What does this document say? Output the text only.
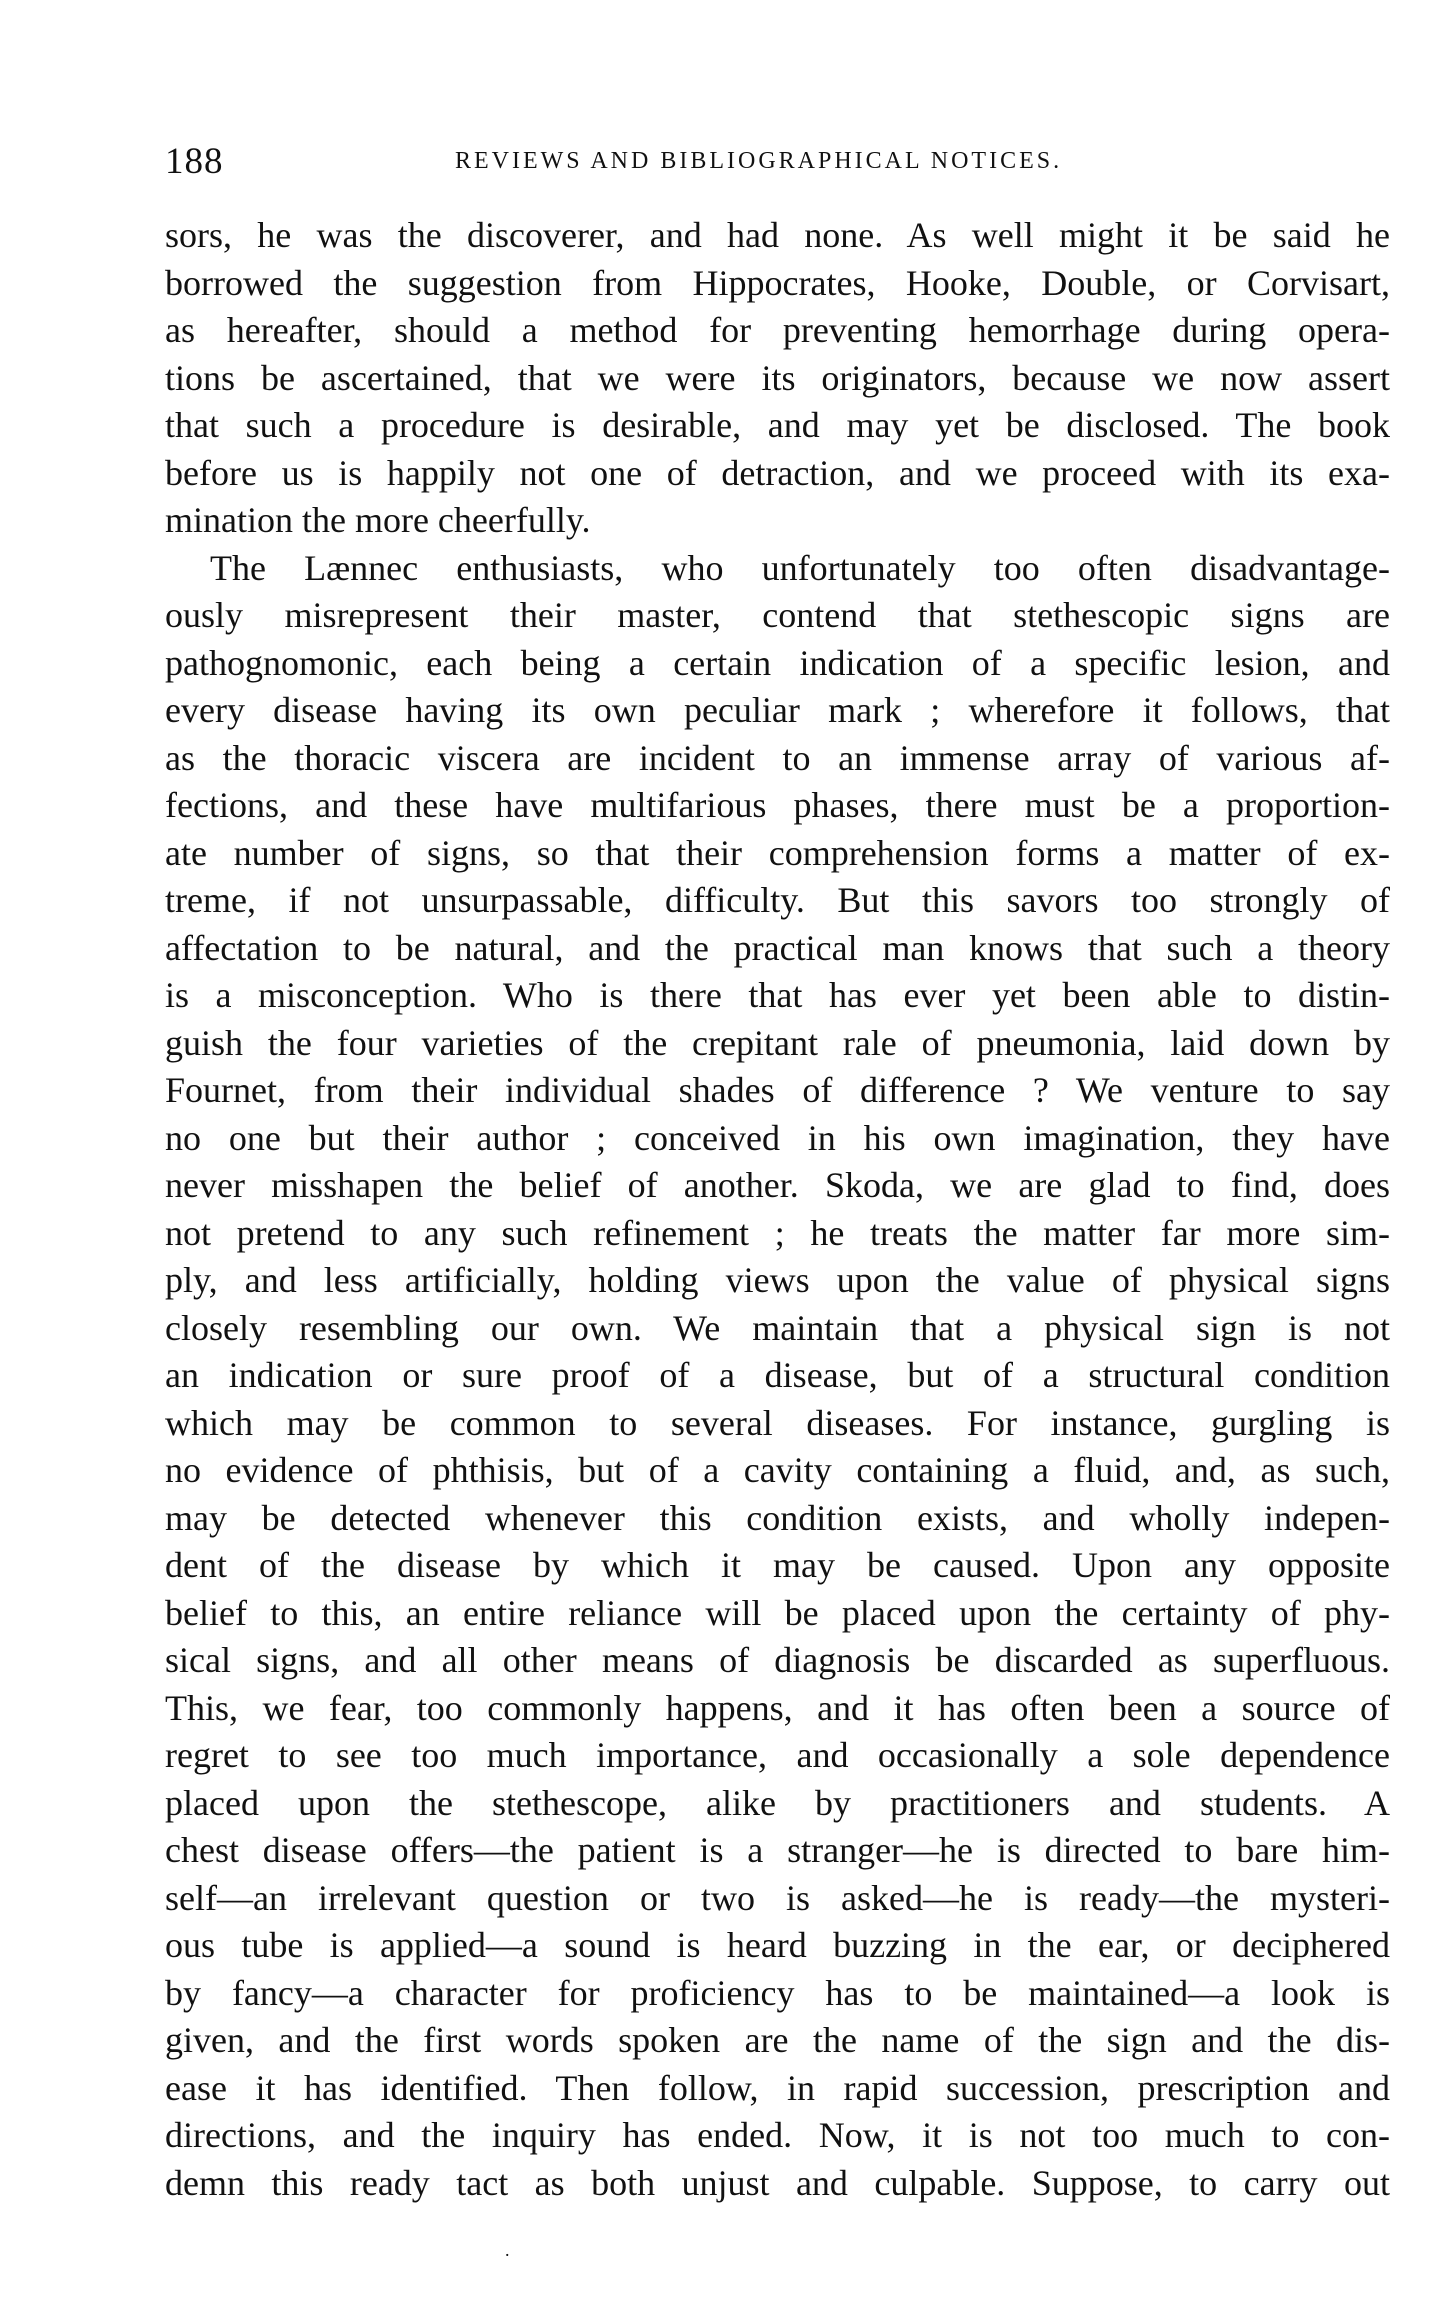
188	REVIEWS AND BIBLIOGRAPHICAL NOTICES.
sors, he was the discoverer, and had none. As well might it be said he
borrowed the suggestion from Hippocrates, Hooke, Double, or Corvisart,
as hereafter, should a method for preventing hemorrhage during opera-
tions be ascertained, that we were its originators, because we now assert
that such a procedure is desirable, and may yet be disclosed. The book
before us is happily not one of detraction, and we proceed with its exa-
mination the more cheerfully.
The Lænnec enthusiasts, who unfortunately too often disadvantage-
ously misrepresent their master, contend that stethescopic signs are
pathognomonic, each being a certain indication of a specific lesion, and
every disease having its own peculiar mark ; wherefore it follows, that
as the thoracic viscera are incident to an immense array of various af-
fections, and these have multifarious phases, there must be a proportion-
ate number of signs, so that their comprehension forms a matter of ex-
treme, if not unsurpassable, difficulty. But this savors too strongly of
affectation to be natural, and the practical man knows that such a theory
is a misconception. Who is there that has ever yet been able to distin-
guish the four varieties of the crepitant rale of pneumonia, laid down by
Fournet, from their individual shades of difference ? We venture to say
no one but their author ; conceived in his own imagination, they have
never misshapen the belief of another. Skoda, we are glad to find, does
not pretend to any such refinement ; he treats the matter far more sim-
ply, and less artificially, holding views upon the value of physical signs
closely resembling our own. We maintain that a physical sign is not
an indication or sure proof of a disease, but of a structural condition
which may be common to several diseases. For instance, gurgling is
no evidence of phthisis, but of a cavity containing a fluid, and, as such,
may be detected whenever this condition exists, and wholly indepen-
dent of the disease by which it may be caused. Upon any opposite
belief to this, an entire reliance will be placed upon the certainty of phy-
sical signs, and all other means of diagnosis be discarded as superfluous.
This, we fear, too commonly happens, and it has often been a source of
regret to see too much importance, and occasionally a sole dependence
placed upon the stethescope, alike by practitioners and students. A
chest disease offers—the patient is a stranger—he is directed to bare him-
self—an irrelevant question or two is asked—he is ready—the mysteri-
ous tube is applied—a sound is heard buzzing in the ear, or deciphered
by fancy—a character for proficiency has to be maintained—a look is
given, and the first words spoken are the name of the sign and the dis-
ease it has identified. Then follow, in rapid succession, prescription and
directions, and the inquiry has ended. Now, it is not too much to con-
demn this ready tact as both unjust and culpable. Suppose, to carry out
.
